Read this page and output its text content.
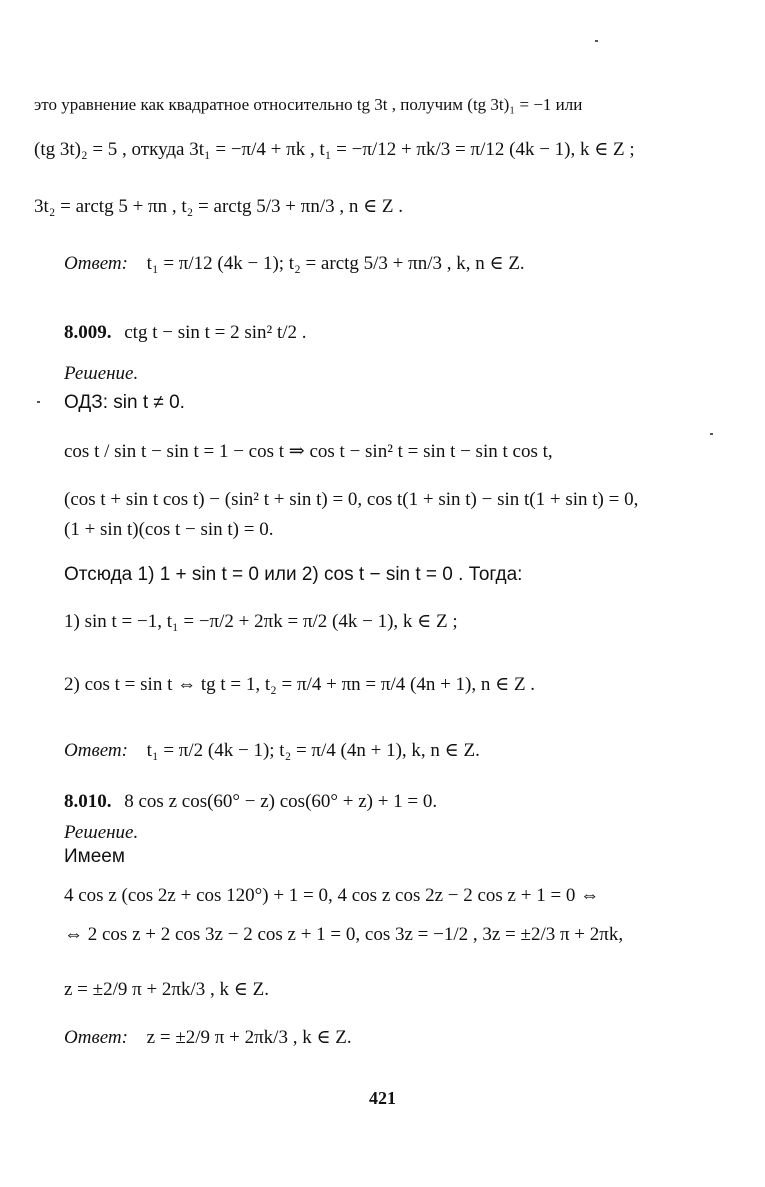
это уравнение как квадратное относительно tg 3t , получим (tg 3t)₁ = −1 или
(tg 3t)₂ = 5 , откуда 3t₁ = −π/4 + πk , t₁ = −π/12 + πk/3 = π/12 (4k − 1), k ∈ Z ;
3t₂ = arctg 5 + πn , t₂ = arctg 5/3 + πn/3 , n ∈ Z .
Ответ: t₁ = π/12 (4k − 1); t₂ = arctg 5/3 + πn/3 , k, n ∈ Z.
8.009. ctg t − sin t = 2 sin² t/2 .
Решение.
ОДЗ: sin t ≠ 0.
cos t / sin t − sin t = 1 − cos t ⇒ cos t − sin² t = sin t − sin t cos t,
(cos t + sin t cos t) − (sin² t + sin t) = 0, cos t(1 + sin t) − sin t(1 + sin t) = 0,
(1 + sin t)(cos t − sin t) = 0.
Отсюда 1) 1 + sin t = 0 или 2) cos t − sin t = 0 . Тогда:
1) sin t = −1, t₁ = −π/2 + 2πk = π/2 (4k − 1), k ∈ Z ;
2) cos t = sin t ⇔ tg t = 1, t₂ = π/4 + πn = π/4 (4n + 1), n ∈ Z .
Ответ: t₁ = π/2 (4k − 1); t₂ = π/4 (4n + 1), k, n ∈ Z.
8.010. 8 cos z cos(60° − z) cos(60° + z) + 1 = 0.
Решение.
Имеем
4 cos z (cos 2z + cos 120°) + 1 = 0, 4 cos z cos 2z − 2 cos z + 1 = 0 ⇔
⇔ 2 cos z + 2 cos 3z − 2 cos z + 1 = 0, cos 3z = −1/2 , 3z = ±2/3 π + 2πk,
z = ±2/9 π + 2πk/3 , k ∈ Z.
Ответ: z = ±2/9 π + 2πk/3 , k ∈ Z.
421
